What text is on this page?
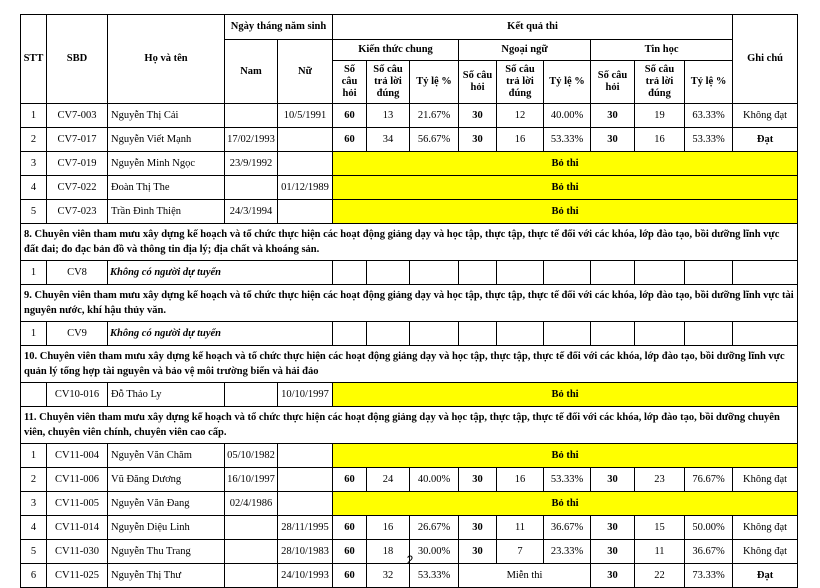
STT	SBD	Họ và tên	Ngày tháng năm sinh		Kết quả thi									Ghi chú
			Nam	Nữ	Kiến thức chung			Ngoại ngữ			Tin học			
					Số câu hỏi	Số câu trả lời đúng	Tỷ lệ %	Số câu hỏi	Số câu trả lời đúng	Tỷ lệ %	Số câu hỏi	Số câu trả lời đúng	Tỷ lệ %	
1	CV7-003	Nguyễn Thị Cải		10/5/1991	60	13	21.67%	30	12	40.00%	30	19	63.33%	Không đạt
2	CV7-017	Nguyễn Viết Mạnh	17/02/1993		60	34	56.67%	30	16	53.33%	30	16	53.33%	Đạt
3	CV7-019	Nguyễn Minh Ngọc	23/9/1992		Bỏ thi									
4	CV7-022	Đoàn Thị The		01/12/1989	Bỏ thi									
5	CV7-023	Trần Đình Thiện	24/3/1994		Bỏ thi									
8. Chuyên viên tham mưu xây dựng kế hoạch và tổ chức thực hiện các hoạt động giảng dạy và học tập, thực tập, thực tế đối với các khóa, lớp đào tạo, bồi dưỡng lĩnh vực đất đai; đo đạc bản đồ và thông tin địa lý; địa chất và khoáng sản.														
1	CV8	Không có người dự tuyển												
9. Chuyên viên tham mưu xây dựng kế hoạch và tổ chức thực hiện các hoạt động giảng dạy và học tập, thực tập, thực tế đối với các khóa, lớp đào tạo, bồi dưỡng lĩnh vực tài nguyên nước, khí hậu thủy văn.														
1	CV9	Không có người dự tuyển												
10. Chuyên viên tham mưu xây dựng kế hoạch và tổ chức thực hiện các hoạt động giảng dạy và học tập, thực tập, thực tế đối với các khóa, lớp đào tạo, bồi dưỡng lĩnh vực quản lý tổng hợp tài nguyên và bảo vệ môi trường biển và hải đảo														
	CV10-016	Đỗ Thảo Ly		10/10/1997	Bỏ thi									
11. Chuyên viên tham mưu xây dựng kế hoạch và tổ chức thực hiện các hoạt động giảng dạy và học tập, thực tập, thực tế đối với các khóa, lớp đào tạo, bồi dưỡng chuyên viên, chuyên viên chính, chuyên viên cao cấp.														
1	CV11-004	Nguyễn Văn Chăm	05/10/1982		Bỏ thi									
2	CV11-006	Vũ Đăng Dương	16/10/1997		60	24	40.00%	30	16	53.33%	30	23	76.67%	Không đạt
3	CV11-005	Nguyễn Văn Đang	02/4/1986		Bỏ thi									
4	CV11-014	Nguyễn Diệu Linh		28/11/1995	60	16	26.67%	30	11	36.67%	30	15	50.00%	Không đạt
5	CV11-030	Nguyễn Thu Trang		28/10/1983	60	18	30.00%	30	7	23.33%	30	11	36.67%	Không đạt
6	CV11-025	Nguyễn Thị Thư		24/10/1993	60	32	53.33%	Miễn thi			30	22	73.33%	Đạt
2
